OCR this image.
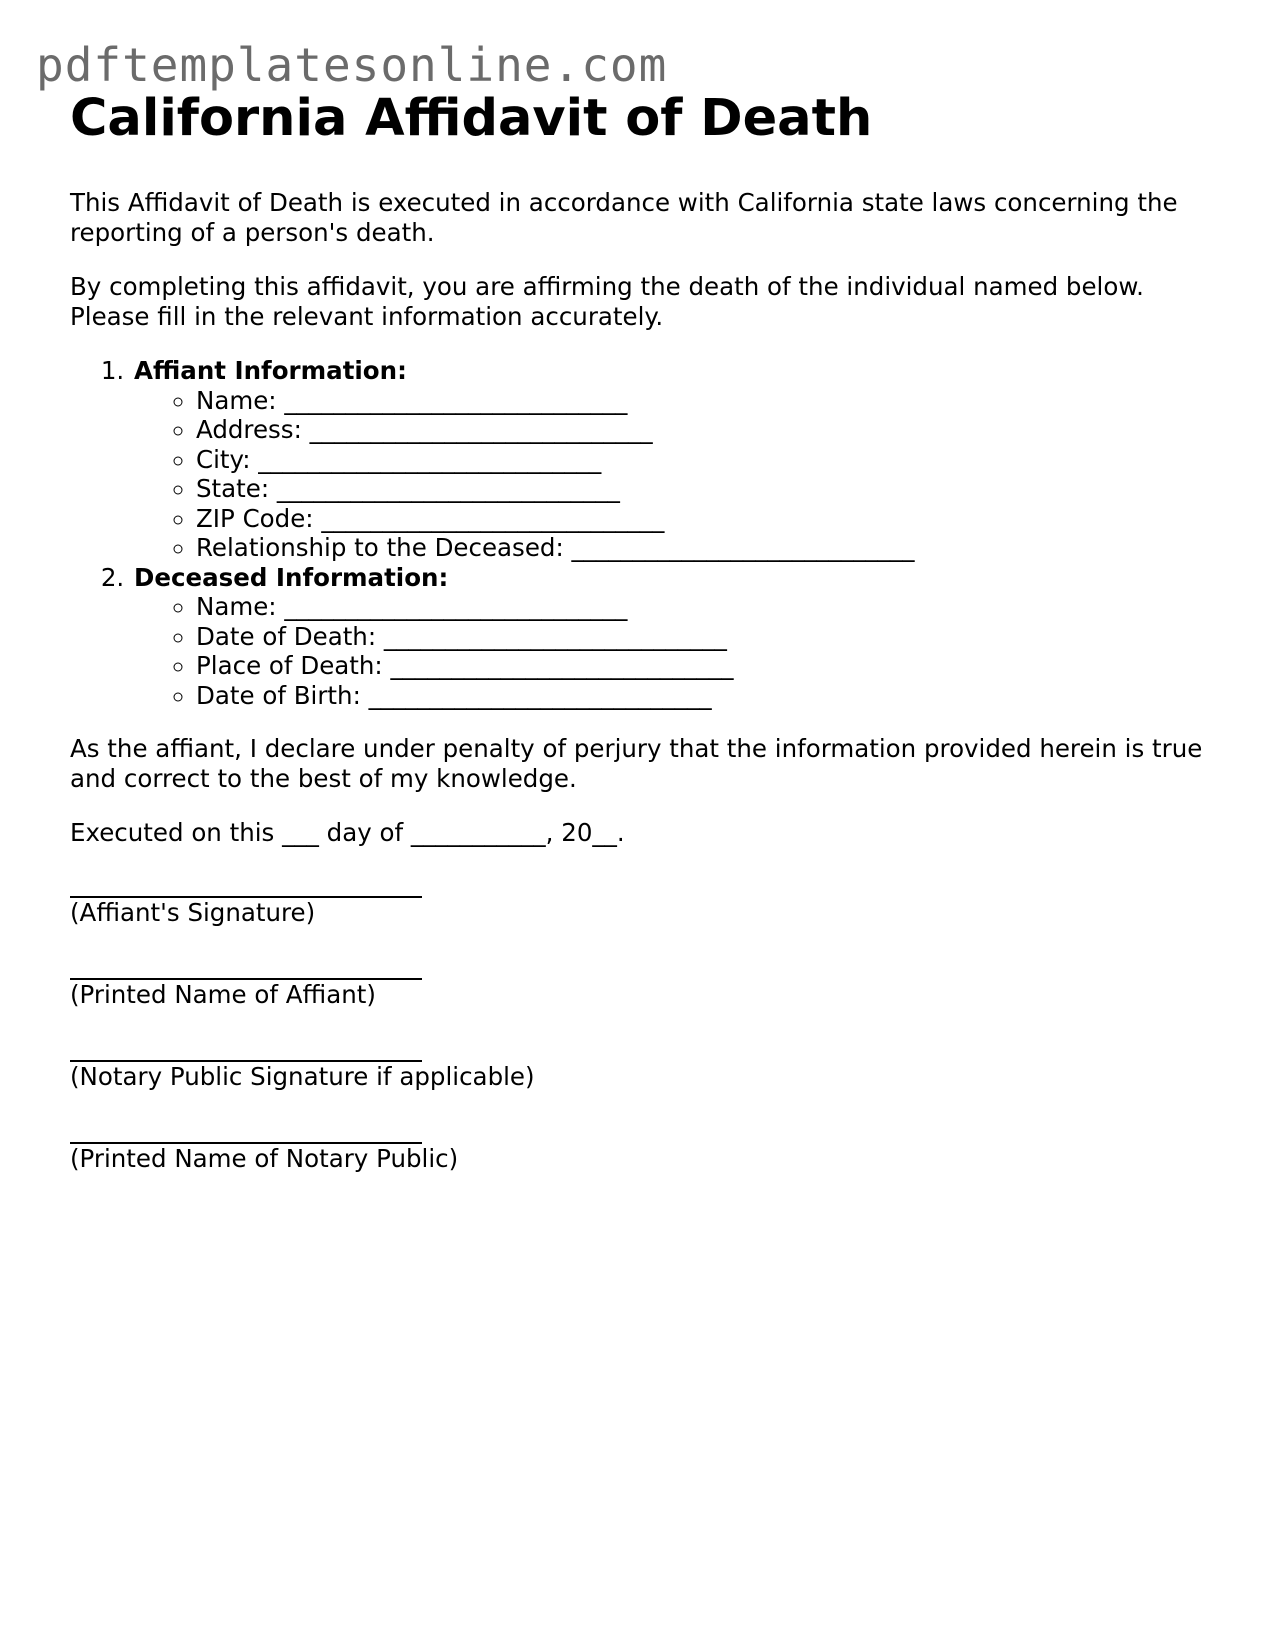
pdftemplatesonline.com
California Affidavit of Death

This Affidavit of Death is executed in accordance with California state laws concerning the reporting of a person's death.

By completing this affidavit, you are affirming the death of the individual named below. Please fill in the relevant information accurately.

1. Affiant Information:
◦ Name: ____________________________
◦ Address: ____________________________
◦ City: ____________________________
◦ State: ____________________________
◦ ZIP Code: ____________________________
◦ Relationship to the Deceased: ____________________________
2. Deceased Information:
◦ Name: ____________________________
◦ Date of Death: ____________________________
◦ Place of Death: ____________________________
◦ Date of Birth: ____________________________

As the affiant, I declare under penalty of perjury that the information provided herein is true and correct to the best of my knowledge.

Executed on this ___ day of ___________, 20__.

(Affiant's Signature)
(Printed Name of Affiant)
(Notary Public Signature if applicable)
(Printed Name of Notary Public)
